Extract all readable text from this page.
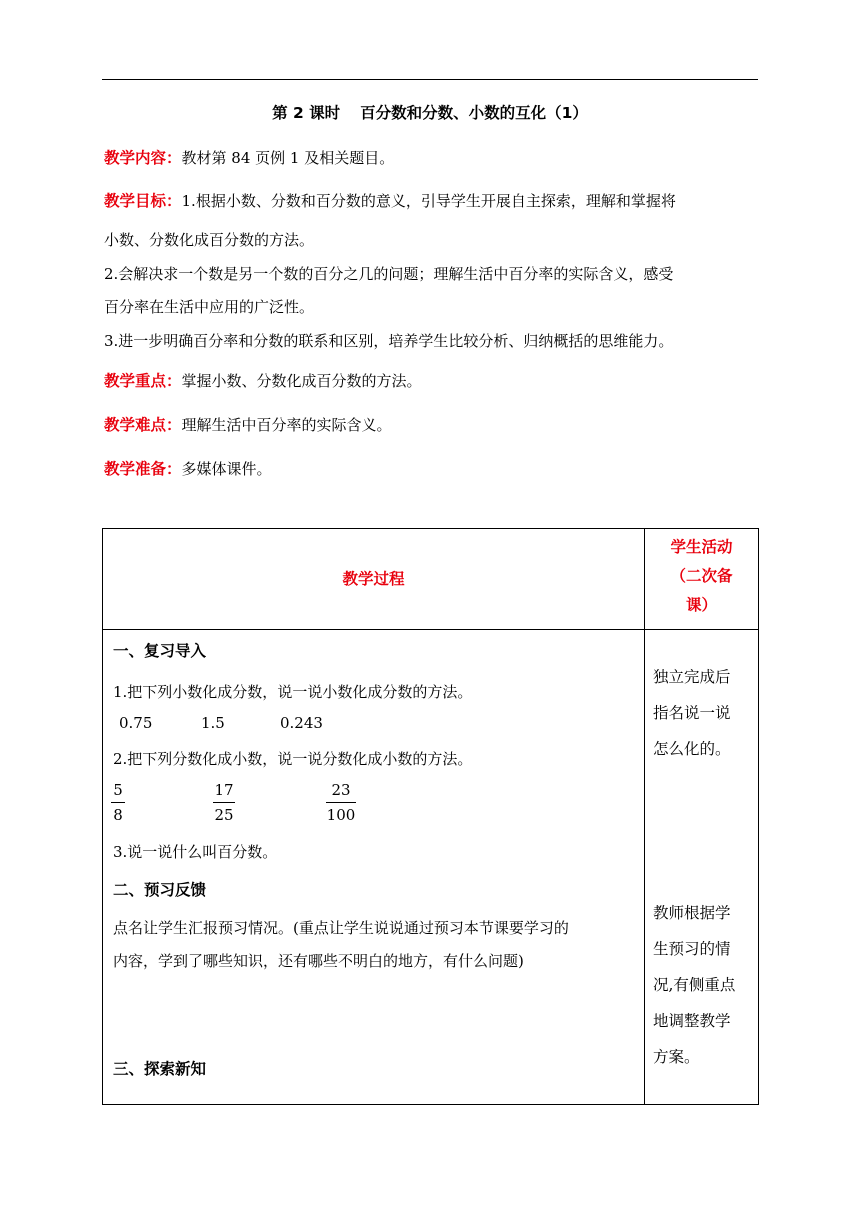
第 2 课时 百分数和分数、小数的互化（1）
教学内容：教材第 84 页例 1 及相关题目。
教学目标：1.根据小数、分数和百分数的意义，引导学生开展自主探索，理解和掌握将
小数、分数化成百分数的方法。
2.会解决求一个数是另一个数的百分之几的问题；理解生活中百分率的实际含义，感受
百分率在生活中应用的广泛性。
3.进一步明确百分率和分数的联系和区别，培养学生比较分析、归纳概括的思维能力。
教学重点：掌握小数、分数化成百分数的方法。
教学难点：理解生活中百分率的实际含义。
教学准备：多媒体课件。
教学过程
学生活动
（二次备
课）
一、复习导入
1.把下列小数化成分数，说一说小数化成分数的方法。
0.75	1.5	0.243
2.把下列分数化成小数，说一说分数化成小数的方法。
5
8
17
25
23
100
3.说一说什么叫百分数。
二、预习反馈
点名让学生汇报预习情况。(重点让学生说说通过预习本节课要学习的
内容，学到了哪些知识，还有哪些不明白的地方，有什么问题)
三、探索新知
独立完成后
指名说一说
怎么化的。
教师根据学
生预习的情
况,有侧重点
地调整教学
方案。
